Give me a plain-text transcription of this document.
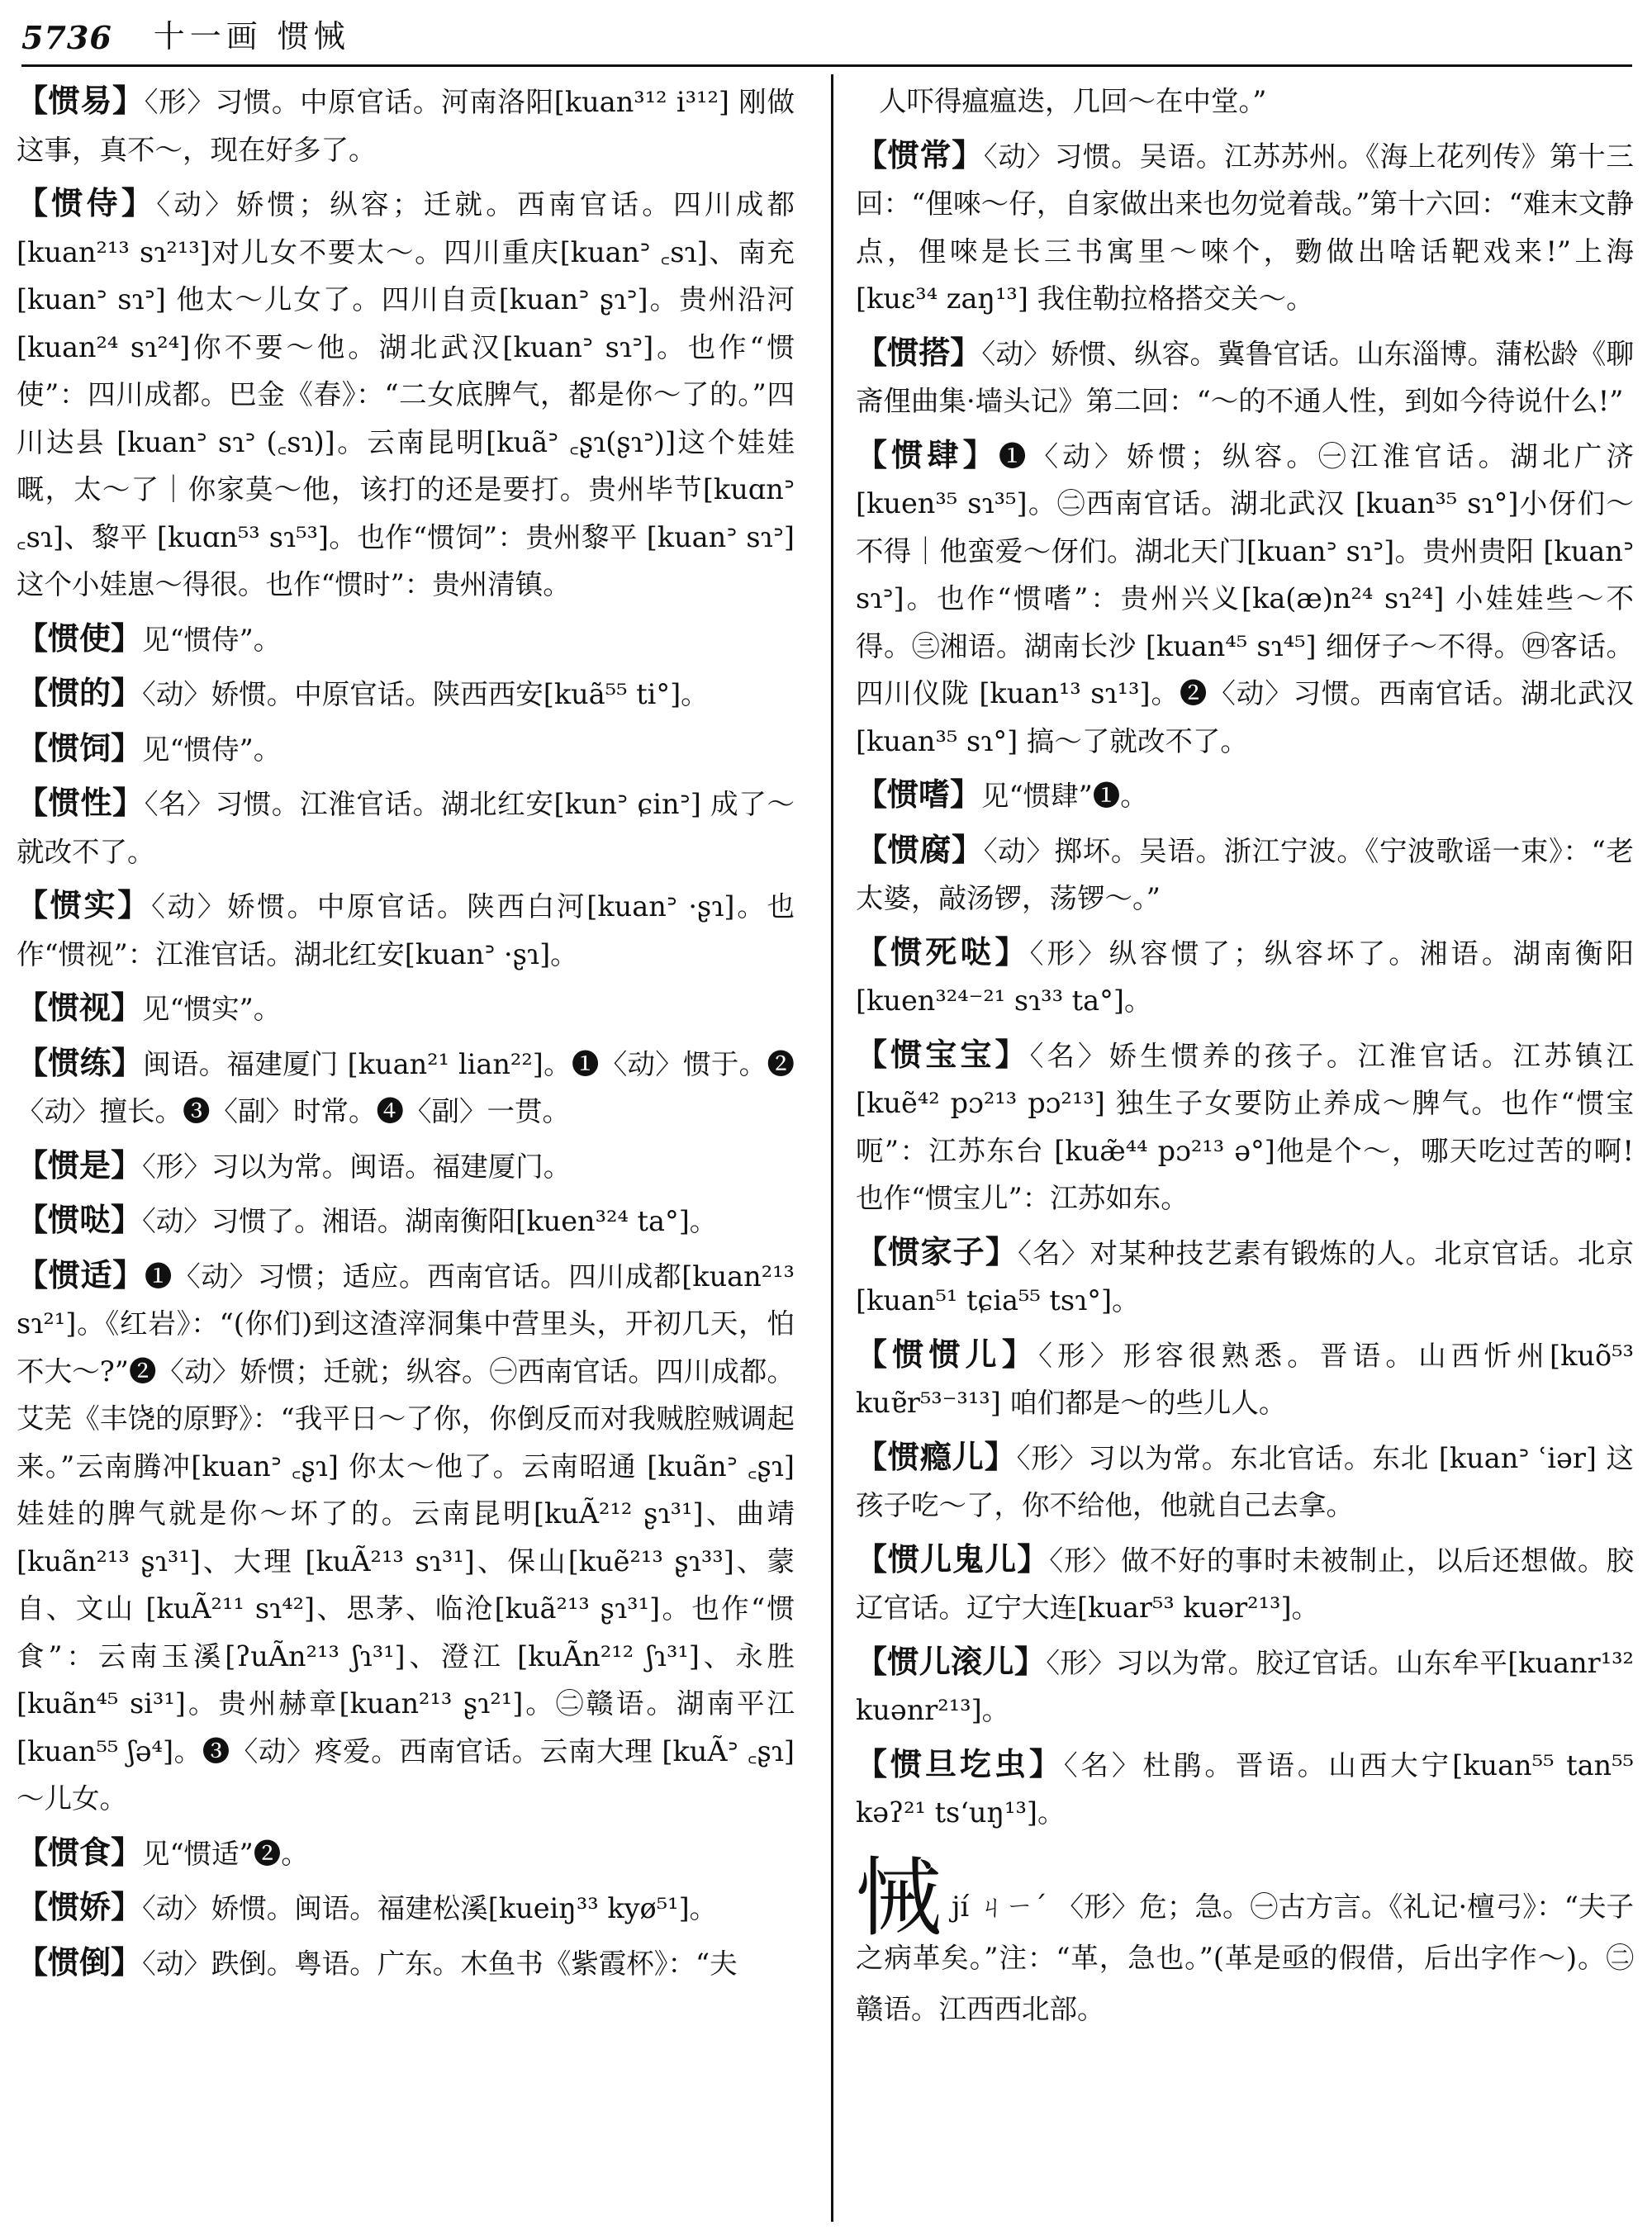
5736 十一画 惯悈

【惯易】〈形〉习惯。中原官话。河南洛阳[kuan³¹² i³¹²] 刚做这事，真不～，现在好多了。

【惯侍】〈动〉娇惯；纵容；迁就。西南官话。四川成都[kuan²¹³ sɿ²¹³]对儿女不要太～。四川重庆[kuanᐣ ꜀sɿ]、南充 [kuanᐣ sɿᐣ] 他太～儿女了。四川自贡[kuanᐣ ʂɿᐣ]。贵州沿河[kuan²⁴ sɿ²⁴]你不要～他。湖北武汉[kuanᐣ sɿᐣ]。也作“惯使”：四川成都。巴金《春》：“二女底脾气，都是你～了的。”四川达县 [kuanᐣ sɿᐣ (꜀sɿ)]。云南昆明[kuãᐣ ꜀ʂɿ(ʂɿᐣ)]这个娃娃嘅，太～了｜你家莫～他，该打的还是要打。贵州毕节[kuɑnᐣ ꜀sɿ]、黎平 [kuɑn⁵³ sɿ⁵³]。也作“惯饲”：贵州黎平 [kuanᐣ sɿᐣ] 这个小娃崽～得很。也作“惯时”：贵州清镇。

【惯使】见“惯侍”。

【惯的】〈动〉娇惯。中原官话。陕西西安[kuã⁵⁵ ti°]。

【惯饲】见“惯侍”。

【惯性】〈名〉习惯。江淮官话。湖北红安[kunᐣ ɕinᐣ] 成了～就改不了。

【惯实】〈动〉娇惯。中原官话。陕西白河[kuanᐣ ·ʂɿ]。也作“惯视”：江淮官话。湖北红安[kuanᐣ ·ʂɿ]。

【惯视】见“惯实”。

【惯练】闽语。福建厦门 [kuan²¹ lian²²]。❶〈动〉惯于。❷〈动〉擅长。❸〈副〉时常。❹〈副〉一贯。

【惯是】〈形〉习以为常。闽语。福建厦门。

【惯哒】〈动〉习惯了。湘语。湖南衡阳[kuen³²⁴ ta°]。

【惯适】❶〈动〉习惯；适应。西南官话。四川成都[kuan²¹³ sɿ²¹]。《红岩》：“(你们)到这渣滓洞集中营里头，开初几天，怕不大～?”❷〈动〉娇惯；迁就；纵容。㊀西南官话。四川成都。艾芜《丰饶的原野》：“我平日～了你，你倒反而对我贼腔贼调起来。”云南腾冲[kuanᐣ ꜀ʂɿ] 你太～他了。云南昭通 [kuãnᐣ ꜀ʂɿ] 娃娃的脾气就是你～坏了的。云南昆明[kuÃ²¹² ʂɿ³¹]、曲靖 [kuãn²¹³ ʂɿ³¹]、大理 [kuÃ²¹³ sɿ³¹]、保山[kuẽ²¹³ ʂɿ³³]、蒙自、文山 [kuÃ²¹¹ sɿ⁴²]、思茅、临沧[kuã²¹³ ʂɿ³¹]。也作“惯食”：云南玉溪[ʔuÃn²¹³ ʃɿ³¹]、澄江 [kuÃn²¹² ʃɿ³¹]、永胜[kuãn⁴⁵ si³¹]。贵州赫章[kuan²¹³ ʂɿ²¹]。㊁赣语。湖南平江[kuan⁵⁵ ʃə⁴]。❸〈动〉疼爱。西南官话。云南大理 [kuÃᐣ ꜀ʂɿ] ～儿女。

【惯食】见“惯适”❷。

【惯娇】〈动〉娇惯。闽语。福建松溪[kueiŋ³³ kyø⁵¹]。

【惯倒】〈动〉跌倒。粤语。广东。木鱼书《紫霞杯》：“夫

人吓得瘟瘟迭，几回～在中堂。”

【惯常】〈动〉习惯。吴语。江苏苏州。《海上花列传》第十三回：“俚唻～仔，自家做出来也勿觉着哉。”第十六回：“难末文静点，俚唻是长三书寓里～唻个，覅做出啥话靶戏来!”上海 [kuɛ³⁴ zaŋ¹³] 我住勒拉格搭交关～。

【惯搭】〈动〉娇惯、纵容。冀鲁官话。山东淄博。蒲松龄《聊斋俚曲集·墙头记》第二回：“～的不通人性，到如今待说什么!”

【惯肆】❶〈动〉娇惯；纵容。㊀江淮官话。湖北广济[kuen³⁵ sɿ³⁵]。㊁西南官话。湖北武汉 [kuan³⁵ sɿ°]小伢们～不得｜他蛮爱～伢们。湖北天门[kuanᐣ sɿᐣ]。贵州贵阳 [kuanᐣ sɿᐣ]。也作“惯嗜”：贵州兴义[ka(æ)n²⁴ sɿ²⁴] 小娃娃些～不得。㊂湘语。湖南长沙 [kuan⁴⁵ sɿ⁴⁵] 细伢子～不得。㊃客话。四川仪陇 [kuan¹³ sɿ¹³]。❷〈动〉习惯。西南官话。湖北武汉 [kuan³⁵ sɿ°] 搞～了就改不了。

【惯嗜】见“惯肆”❶。

【惯腐】〈动〉掷坏。吴语。浙江宁波。《宁波歌谣一束》：“老太婆，敲汤锣，荡锣～。”

【惯死哒】〈形〉纵容惯了；纵容坏了。湘语。湖南衡阳 [kuen³²⁴⁻²¹ sɿ³³ ta°]。

【惯宝宝】〈名〉娇生惯养的孩子。江淮官话。江苏镇江 [kuẽ⁴² pɔ²¹³ pɔ²¹³] 独生子女要防止养成～脾气。也作“惯宝呃”：江苏东台 [kuæ̃⁴⁴ pɔ²¹³ ə°]他是个～，哪天吃过苦的啊! 也作“惯宝儿”：江苏如东。

【惯家子】〈名〉对某种技艺素有锻炼的人。北京官话。北京 [kuan⁵¹ tɕia⁵⁵ tsɿ°]。

【惯惯儿】〈形〉形容很熟悉。晋语。山西忻州[kuõ⁵³ kuɐ̃r⁵³⁻³¹³] 咱们都是～的些儿人。

【惯瘾儿】〈形〉习以为常。东北官话。东北 [kuanᐣ ʿiər] 这孩子吃～了，你不给他，他就自己去拿。

【惯儿鬼儿】〈形〉做不好的事时未被制止，以后还想做。胶辽官话。辽宁大连[kuar⁵³ kuər²¹³]。

【惯儿滚儿】〈形〉习以为常。胶辽官话。山东牟平[kuanr¹³² kuənr²¹³]。

【惯旦圪虫】〈名〉杜鹃。晋语。山西大宁[kuan⁵⁵ tan⁵⁵ kəʔ²¹ tsʻuŋ¹³]。

悈jí ㄐㄧˊ 〈形〉危；急。㊀古方言。《礼记·檀弓》：“夫子之病革矣。”注：“革，急也。”(革是亟的假借，后出字作～)。㊁赣语。江西西北部。
